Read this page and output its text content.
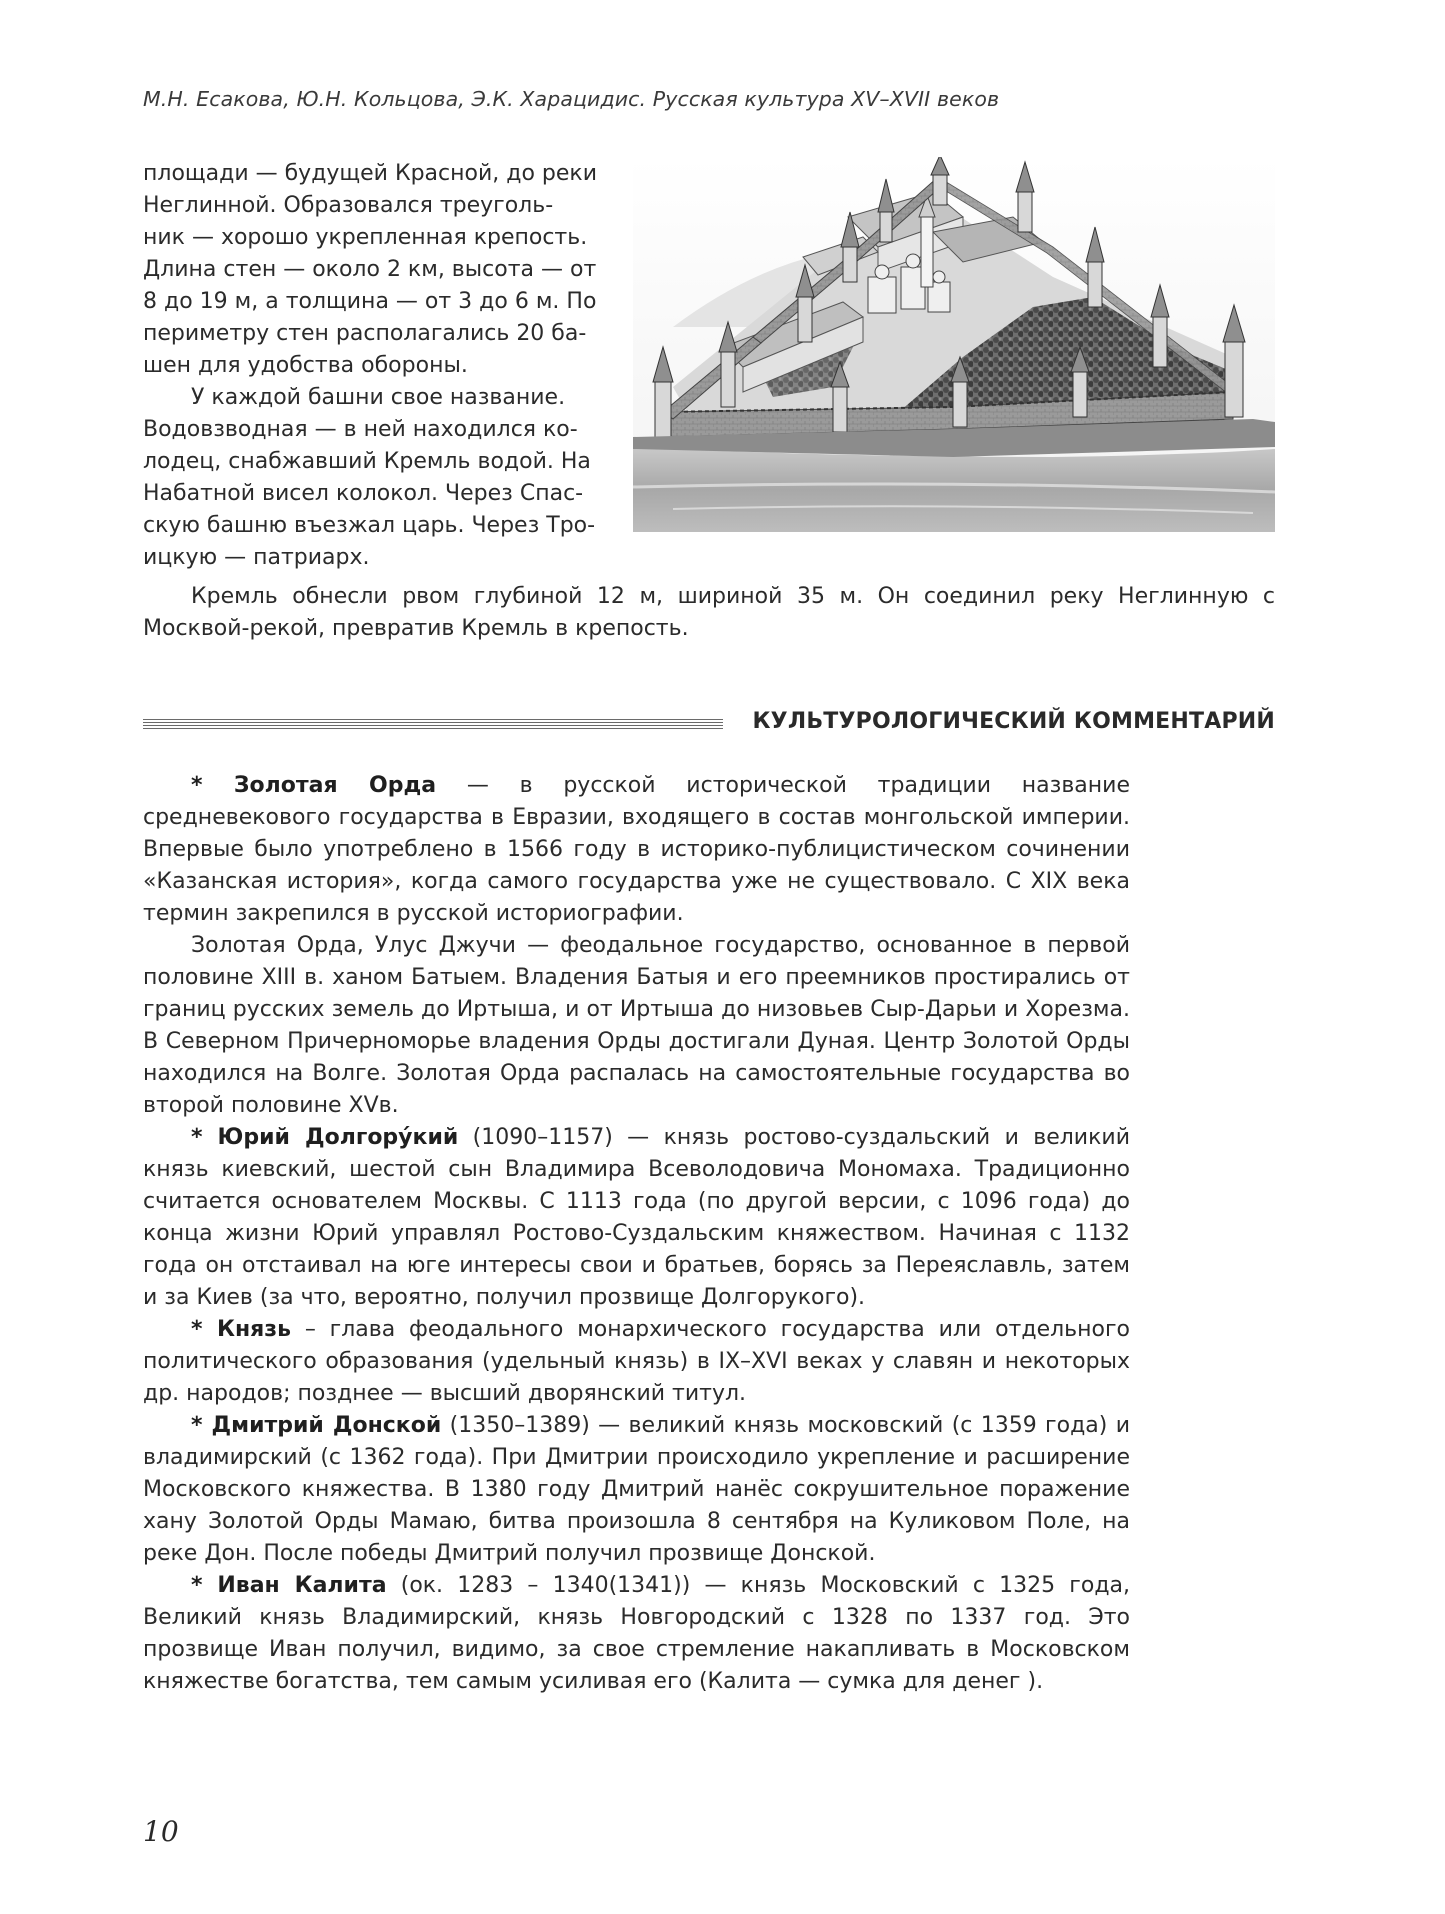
М.Н. Есакова, Ю.Н. Кольцова, Э.К. Харацидис. Русская культура XV–XVII веков

площади — будущей Красной, до реки
Неглинной. Образовался треуголь-
ник — хорошо укрепленная крепость.
Длина стен — около 2 км, высота — от
8 до 19 м, а толщина — от 3 до 6 м. По
периметру стен располагались 20 ба-
шен для удобства обороны.

У каждой башни свое название.
Водовзводная — в ней находился ко-
лодец, снабжавший Кремль водой. На
Набатной висел колокол. Через Спас-
скую башню въезжал царь. Через Тро-
ицкую — патриарх.

Кремль обнесли рвом глубиной 12 м, шириной 35 м. Он соединил реку Неглинную с Москвой-рекой, превратив Кремль в крепость.

КУЛЬТУРОЛОГИЧЕСКИЙ КОММЕНТАРИЙ

* Золотая Орда — в русской исторической традиции название средневекового государства в Евразии, входящего в состав монгольской империи. Впервые было употреблено в 1566 году в историко-публицистическом сочинении «Казанская история», когда самого государства уже не существовало. С XIX века термин закрепился в русской историографии.

Золотая Орда, Улус Джучи — феодальное государство, основанное в первой половине XIII в. ханом Батыем. Владения Батыя и его преемников простирались от границ русских земель до Иртыша, и от Иртыша до низовьев Сыр-Дарьи и Хорезма. В Северном Причерноморье владения Орды достигали Дуная. Центр Золотой Орды находился на Волге. Золотая Орда распалась на самостоятельные государства во второй половине XVв.

* Юрий Долгору́кий (1090–1157) — князь ростово-суздальский и великий князь киевский, шестой сын Владимира Всеволодовича Мономаха. Традиционно считается основателем Москвы. С 1113 года (по другой версии, с 1096 года) до конца жизни Юрий управлял Ростово-Суздальским княжеством. Начиная с 1132 года он отстаивал на юге интересы свои и братьев, борясь за Переяславль, затем и за Киев (за что, вероятно, получил прозвище Долгорукого).

* Князь – глава феодального монархического государства или отдельного политического образования (удельный князь) в IX–XVI веках у славян и некоторых др. народов; позднее — высший дворянский титул.

* Дмитрий Донской (1350–1389) — великий князь московский (с 1359 года) и владимирский (с 1362 года). При Дмитрии происходило укрепление и расширение Московского княжества. В 1380 году Дмитрий нанёс сокрушительное поражение хану Золотой Орды Мамаю, битва произошла 8 сентября на Куликовом Поле, на реке Дон. После победы Дмитрий получил прозвище Донской.

* Иван Калита (ок. 1283 – 1340(1341)) — князь Московский с 1325 года, Великий князь Владимирский, князь Новгородский с 1328 по 1337 год. Это прозвище Иван получил, видимо, за свое стремление накапливать в Московском княжестве богатства, тем самым усиливая его (Калита — сумка для денег ).

10
